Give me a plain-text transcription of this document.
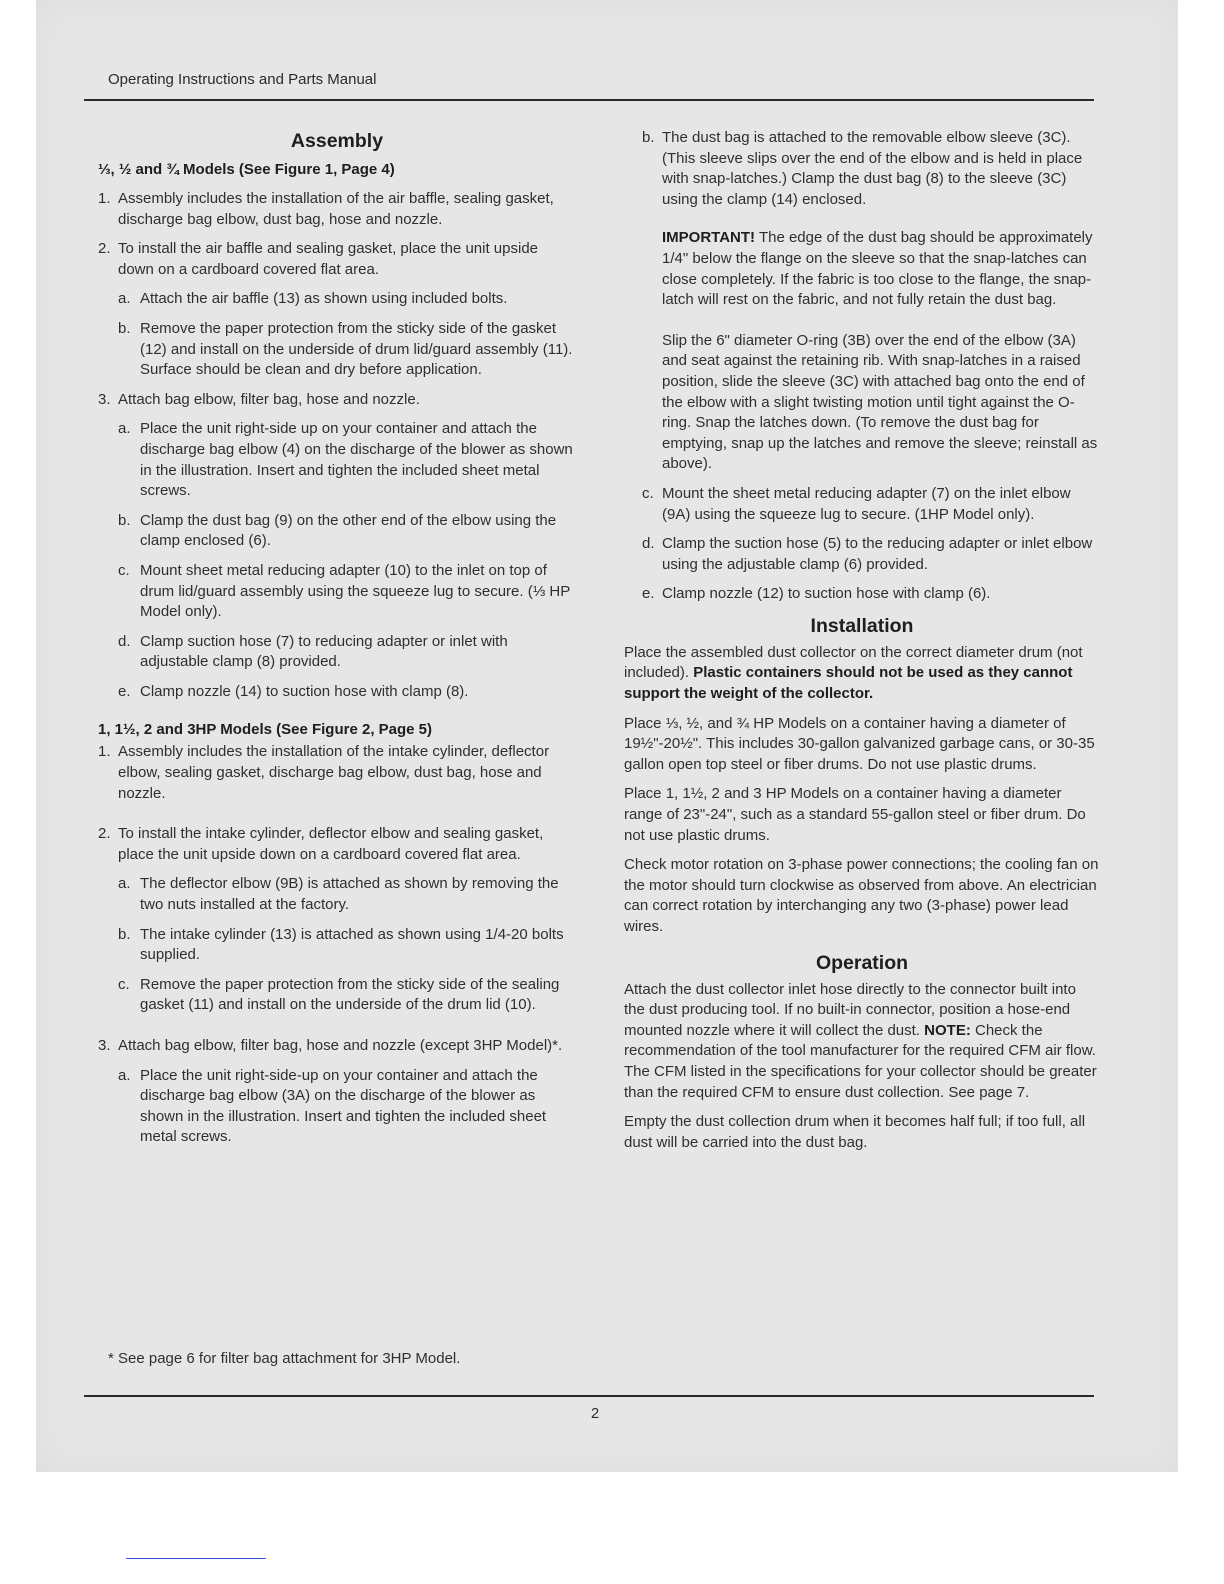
Operating Instructions and Parts Manual
Assembly
⅓, ½ and ¾ Models (See Figure 1, Page 4)
1. Assembly includes the installation of the air baffle, sealing gasket, discharge bag elbow, dust bag, hose and nozzle.
2. To install the air baffle and sealing gasket, place the unit upside down on a cardboard covered flat area.
a. Attach the air baffle (13) as shown using included bolts.
b. Remove the paper protection from the sticky side of the gasket (12) and install on the underside of drum lid/guard assembly (11). Surface should be clean and dry before application.
3. Attach bag elbow, filter bag, hose and nozzle.
a. Place the unit right-side up on your container and attach the discharge bag elbow (4) on the discharge of the blower as shown in the illustration. Insert and tighten the included sheet metal screws.
b. Clamp the dust bag (9) on the other end of the elbow using the clamp enclosed (6).
c. Mount sheet metal reducing adapter (10) to the inlet on top of drum lid/guard assembly using the squeeze lug to secure. (⅓ HP Model only).
d. Clamp suction hose (7) to reducing adapter or inlet with adjustable clamp (8) provided.
e. Clamp nozzle (14) to suction hose with clamp (8).
1, 1½, 2 and 3HP Models (See Figure 2, Page 5)
1. Assembly includes the installation of the intake cylinder, deflector elbow, sealing gasket, discharge bag elbow, dust bag, hose and nozzle.
2. To install the intake cylinder, deflector elbow and sealing gasket, place the unit upside down on a cardboard covered flat area.
a. The deflector elbow (9B) is attached as shown by removing the two nuts installed at the factory.
b. The intake cylinder (13) is attached as shown using 1/4-20 bolts supplied.
c. Remove the paper protection from the sticky side of the sealing gasket (11) and install on the underside of the drum lid (10).
3. Attach bag elbow, filter bag, hose and nozzle (except 3HP Model)*.
a. Place the unit right-side-up on your container and attach the discharge bag elbow (3A) on the discharge of the blower as shown in the illustration. Insert and tighten the included sheet metal screws.
b. The dust bag is attached to the removable elbow sleeve (3C). (This sleeve slips over the end of the elbow and is held in place with snap-latches.) Clamp the dust bag (8) to the sleeve (3C) using the clamp (14) enclosed.
IMPORTANT! The edge of the dust bag should be approximately 1/4" below the flange on the sleeve so that the snap-latches can close completely. If the fabric is too close to the flange, the snap-latch will rest on the fabric, and not fully retain the dust bag.
Slip the 6" diameter O-ring (3B) over the end of the elbow (3A) and seat against the retaining rib. With snap-latches in a raised position, slide the sleeve (3C) with attached bag onto the end of the elbow with a slight twisting motion until tight against the O-ring. Snap the latches down. (To remove the dust bag for emptying, snap up the latches and remove the sleeve; reinstall as above).
c. Mount the sheet metal reducing adapter (7) on the inlet elbow (9A) using the squeeze lug to secure. (1HP Model only).
d. Clamp the suction hose (5) to the reducing adapter or inlet elbow using the adjustable clamp (6) provided.
e. Clamp nozzle (12) to suction hose with clamp (6).
Installation

Place the assembled dust collector on the correct diameter drum (not included). Plastic containers should not be used as they cannot support the weight of the collector.

Place ⅓, ½, and ¾ HP Models on a container having a diameter of 19½"-20½". This includes 30-gallon galvanized garbage cans, or 30-35 gallon open top steel or fiber drums. Do not use plastic drums.

Place 1, 1½, 2 and 3 HP Models on a container having a diameter range of 23"-24", such as a standard 55-gallon steel or fiber drum. Do not use plastic drums.

Check motor rotation on 3-phase power connections; the cooling fan on the motor should turn clockwise as observed from above. An electrician can correct rotation by interchanging any two (3-phase) power lead wires.

Operation

Attach the dust collector inlet hose directly to the connector built into the dust producing tool. If no built-in connector, position a hose-end mounted nozzle where it will collect the dust. NOTE: Check the recommendation of the tool manufacturer for the required CFM air flow. The CFM listed in the specifications for your collector should be greater than the required CFM to ensure dust collection. See page 7.

Empty the dust collection drum when it becomes half full; if too full, all dust will be carried into the dust bag.

* See page 6 for filter bag attachment for 3HP Model.
2
